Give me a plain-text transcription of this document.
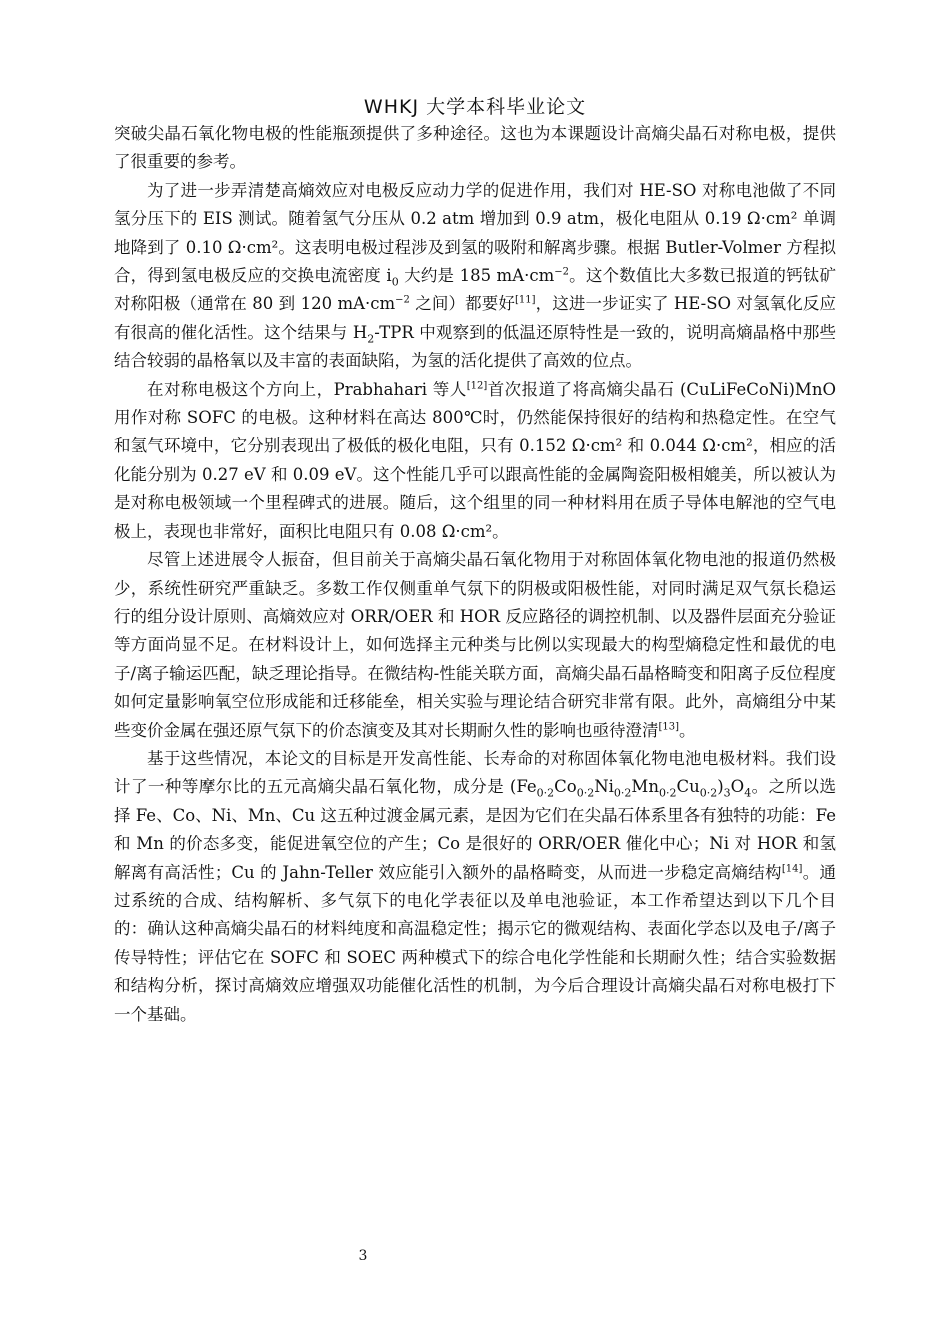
WHKJ 大学本科毕业论文

突破尖晶石氧化物电极的性能瓶颈提供了多种途径。这也为本课题设计高熵尖晶石对称电极，提供了很重要的参考。

为了进一步弄清楚高熵效应对电极反应动力学的促进作用，我们对 HE-SO 对称电池做了不同氢分压下的 EIS 测试。随着氢气分压从 0.2 atm 增加到 0.9 atm，极化电阻从 0.19 Ω·cm² 单调地降到了 0.10 Ω·cm²。这表明电极过程涉及到氢的吸附和解离步骤。根据 Butler-Volmer 方程拟合，得到氢电极反应的交换电流密度 $i_0$ 大约是 185 $mA\cdot cm^{-2}$。这个数值比大多数已报道的钙钛矿对称阳极（通常在 80 到 120 $mA\cdot cm^{-2}$ 之间）都要好[11]，这进一步证实了 HE-SO 对氢氧化反应有很高的催化活性。这个结果与 $H_2$-TPR 中观察到的低温还原特性是一致的，说明高熵晶格中那些结合较弱的晶格氧以及丰富的表面缺陷，为氢的活化提供了高效的位点。

在对称电极这个方向上，Prabhahari 等人[12]首次报道了将高熵尖晶石 (CuLiFeCoNi)MnO 用作对称 SOFC 的电极。这种材料在高达 800℃时，仍然能保持很好的结构和热稳定性。在空气和氢气环境中，它分别表现出了极低的极化电阻，只有 0.152 Ω·cm² 和 0.044 Ω·cm²，相应的活化能分别为 0.27 eV 和 0.09 eV。这个性能几乎可以跟高性能的金属陶瓷阳极相媲美，所以被认为是对称电极领域一个里程碑式的进展。随后，这个组里的同一种材料用在质子导体电解池的空气电极上，表现也非常好，面积比电阻只有 0.08 Ω·cm²。

尽管上述进展令人振奋，但目前关于高熵尖晶石氧化物用于对称固体氧化物电池的报道仍然极少，系统性研究严重缺乏。多数工作仅侧重单气氛下的阴极或阳极性能，对同时满足双气氛长稳运行的组分设计原则、高熵效应对 ORR/OER 和 HOR 反应路径的调控机制、以及器件层面充分验证等方面尚显不足。在材料设计上，如何选择主元种类与比例以实现最大的构型熵稳定性和最优的电子/离子输运匹配，缺乏理论指导。在微结构-性能关联方面，高熵尖晶石晶格畸变和阳离子反位程度如何定量影响氧空位形成能和迁移能垒，相关实验与理论结合研究非常有限。此外，高熵组分中某些变价金属在强还原气氛下的价态演变及其对长期耐久性的影响也亟待澄清[13]。

基于这些情况，本论文的目标是开发高性能、长寿命的对称固体氧化物电池电极材料。我们设计了一种等摩尔比的五元高熵尖晶石氧化物，成分是 $(Fe_{0\cdot 2}Co_{0\cdot 2}Ni_{0\cdot 2}Mn_{0\cdot 2}Cu_{0\cdot 2})_3O_4$。之所以选择 Fe、Co、Ni、Mn、Cu 这五种过渡金属元素，是因为它们在尖晶石体系里各有独特的功能：Fe 和 Mn 的价态多变，能促进氧空位的产生；Co 是很好的 ORR/OER 催化中心；Ni 对 HOR 和氢解离有高活性；Cu 的 Jahn-Teller 效应能引入额外的晶格畸变，从而进一步稳定高熵结构[14]。通过系统的合成、结构解析、多气氛下的电化学表征以及单电池验证，本工作希望达到以下几个目的：确认这种高熵尖晶石的材料纯度和高温稳定性；揭示它的微观结构、表面化学态以及电子/离子传导特性；评估它在 SOFC 和 SOEC 两种模式下的综合电化学性能和长期耐久性；结合实验数据和结构分析，探讨高熵效应增强双功能催化活性的机制，为今后合理设计高熵尖晶石对称电极打下一个基础。

3
